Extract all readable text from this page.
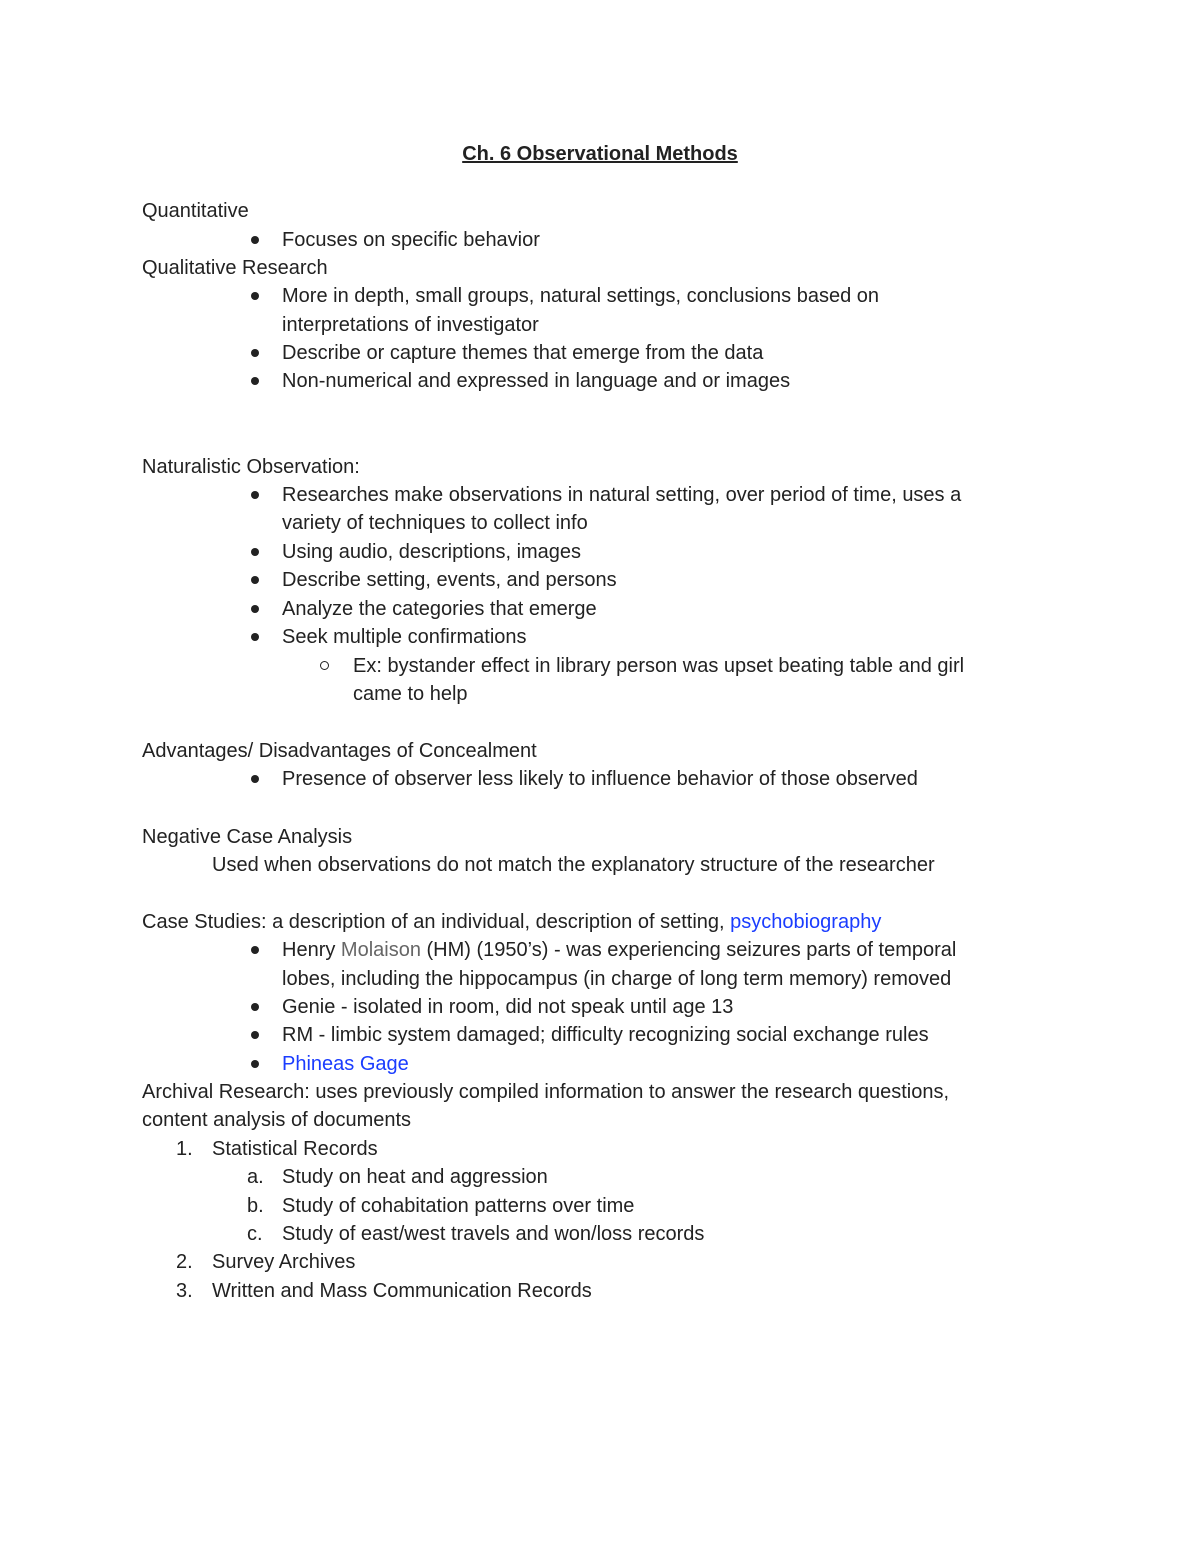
Ch. 6 Observational Methods
Quantitative
Focuses on specific behavior
Qualitative Research
More in depth, small groups, natural settings, conclusions based on
interpretations of investigator
Describe or capture themes that emerge from the data
Non-numerical and expressed in language and or images
Naturalistic Observation:
Researches make observations in natural setting, over period of time, uses a
variety of techniques to collect info
Using audio, descriptions, images
Describe setting, events, and persons
Analyze the categories that emerge
Seek multiple confirmations
Ex: bystander effect in library person was upset beating table and girl
came to help
Advantages/ Disadvantages of Concealment
Presence of observer less likely to influence behavior of those observed
Negative Case Analysis
Used when observations do not match the explanatory structure of the researcher
Case Studies: a description of an individual, description of setting, psychobiography
Henry Molaison (HM) (1950’s) - was experiencing seizures parts of temporal
lobes, including the hippocampus (in charge of long term memory) removed
Genie - isolated in room, did not speak until age 13
RM - limbic system damaged; difficulty recognizing social exchange rules
Phineas Gage
Archival Research: uses previously compiled information to answer the research questions,
content analysis of documents
1. Statistical Records
a. Study on heat and aggression
b. Study of cohabitation patterns over time
c. Study of east/west travels and won/loss records
2. Survey Archives
3. Written and Mass Communication Records
